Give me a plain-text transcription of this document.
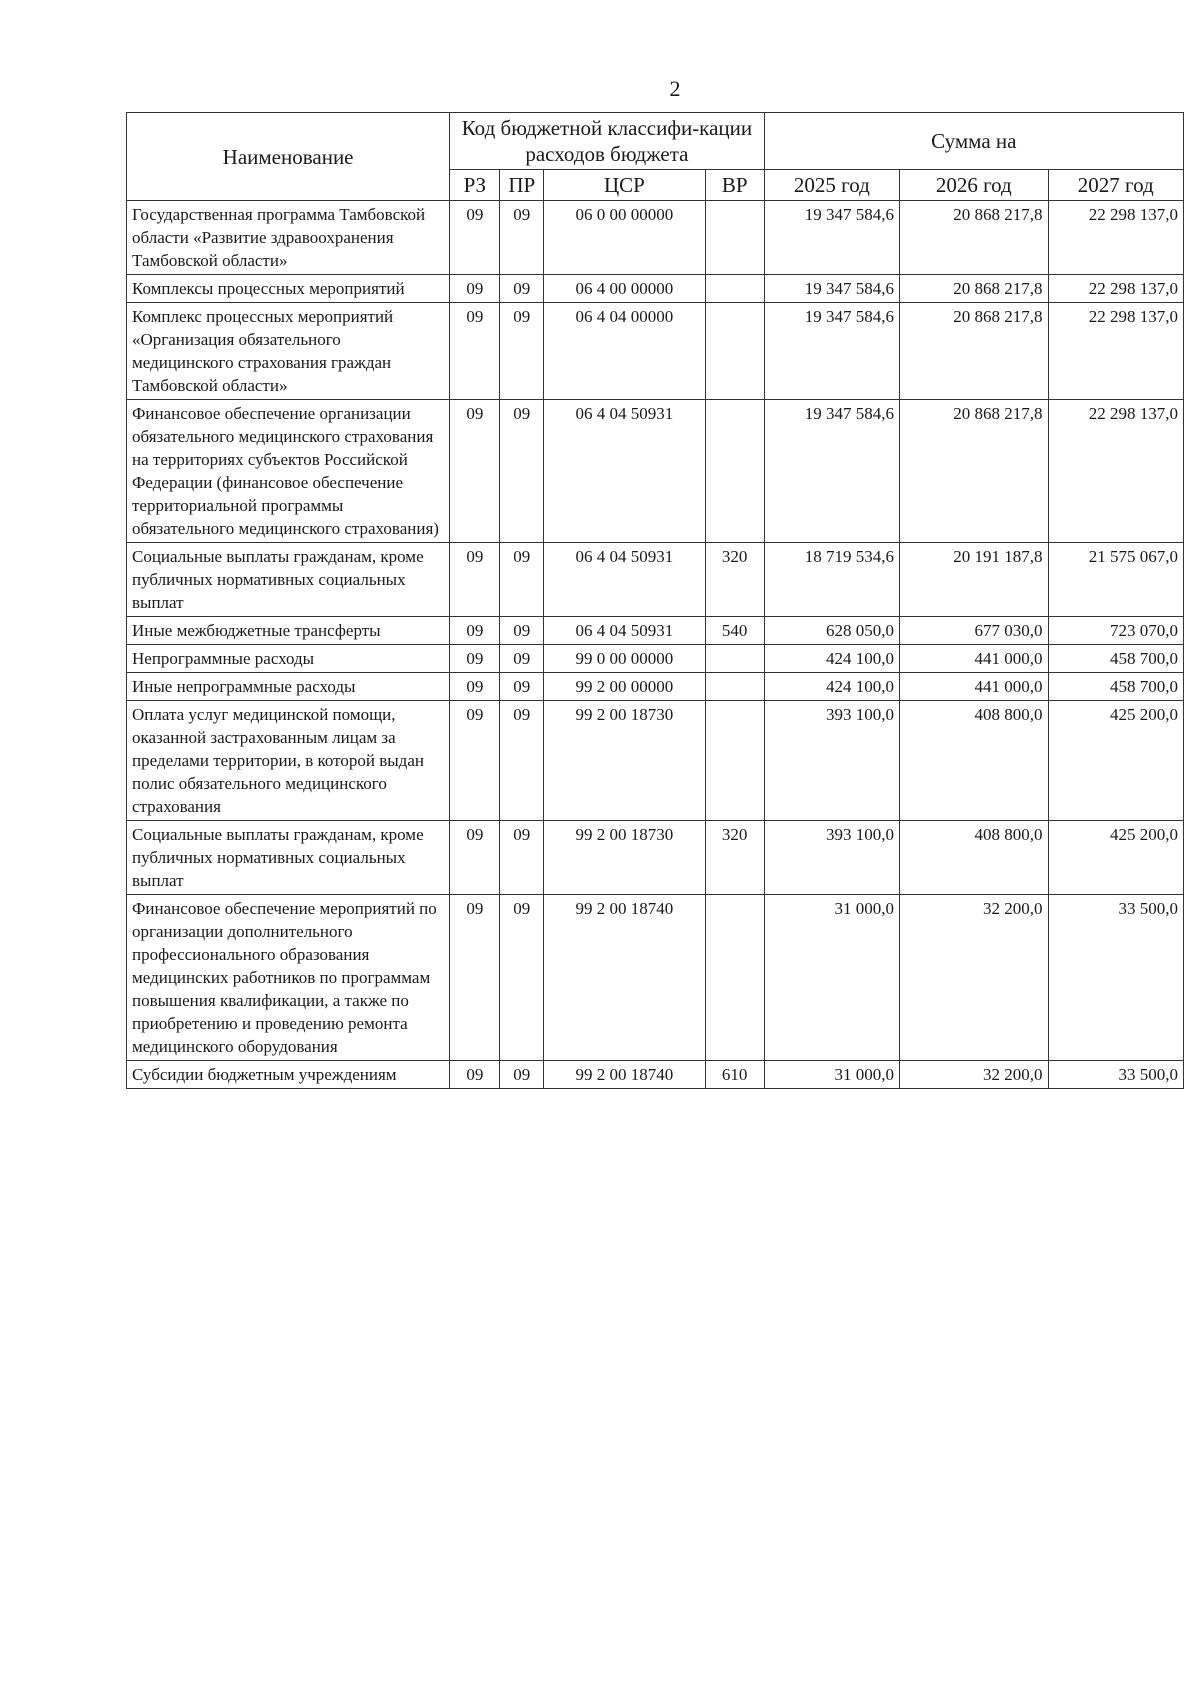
2
Наименование	Код бюджетной классифи-кации расходов бюджета				Сумма на		
	РЗ	ПР	ЦСР	ВР	2025 год	2026 год	2027 год
Государственная программа Тамбовской области «Развитие здравоохранения Тамбовской области»	09	09	06 0 00 00000		19 347 584,6	20 868 217,8	22 298 137,0
Комплексы процессных мероприятий	09	09	06 4 00 00000		19 347 584,6	20 868 217,8	22 298 137,0
Комплекс процессных мероприятий «Организация обязательного медицинского страхования граждан Тамбовской области»	09	09	06 4 04 00000		19 347 584,6	20 868 217,8	22 298 137,0
Финансовое обеспечение организации обязательного медицинского страхования на территориях субъектов Российской Федерации (финансовое обеспечение территориальной программы обязательного медицинского страхования)	09	09	06 4 04 50931		19 347 584,6	20 868 217,8	22 298 137,0
Социальные выплаты гражданам, кроме публичных нормативных социальных выплат	09	09	06 4 04 50931	320	18 719 534,6	20 191 187,8	21 575 067,0
Иные межбюджетные трансферты	09	09	06 4 04 50931	540	628 050,0	677 030,0	723 070,0
Непрограммные расходы	09	09	99 0 00 00000		424 100,0	441 000,0	458 700,0
Иные непрограммные расходы	09	09	99 2 00 00000		424 100,0	441 000,0	458 700,0
Оплата услуг медицинской помощи, оказанной застрахованным лицам за пределами территории, в которой выдан полис обязательного медицинского страхования	09	09	99 2 00 18730		393 100,0	408 800,0	425 200,0
Социальные выплаты гражданам, кроме публичных нормативных социальных выплат	09	09	99 2 00 18730	320	393 100,0	408 800,0	425 200,0
Финансовое обеспечение мероприятий по организации дополнительного профессионального образования медицинских работников по программам повышения квалификации, а также по приобретению и проведению ремонта медицинского оборудования	09	09	99 2 00 18740		31 000,0	32 200,0	33 500,0
Субсидии бюджетным учреждениям	09	09	99 2 00 18740	610	31 000,0	32 200,0	33 500,0
